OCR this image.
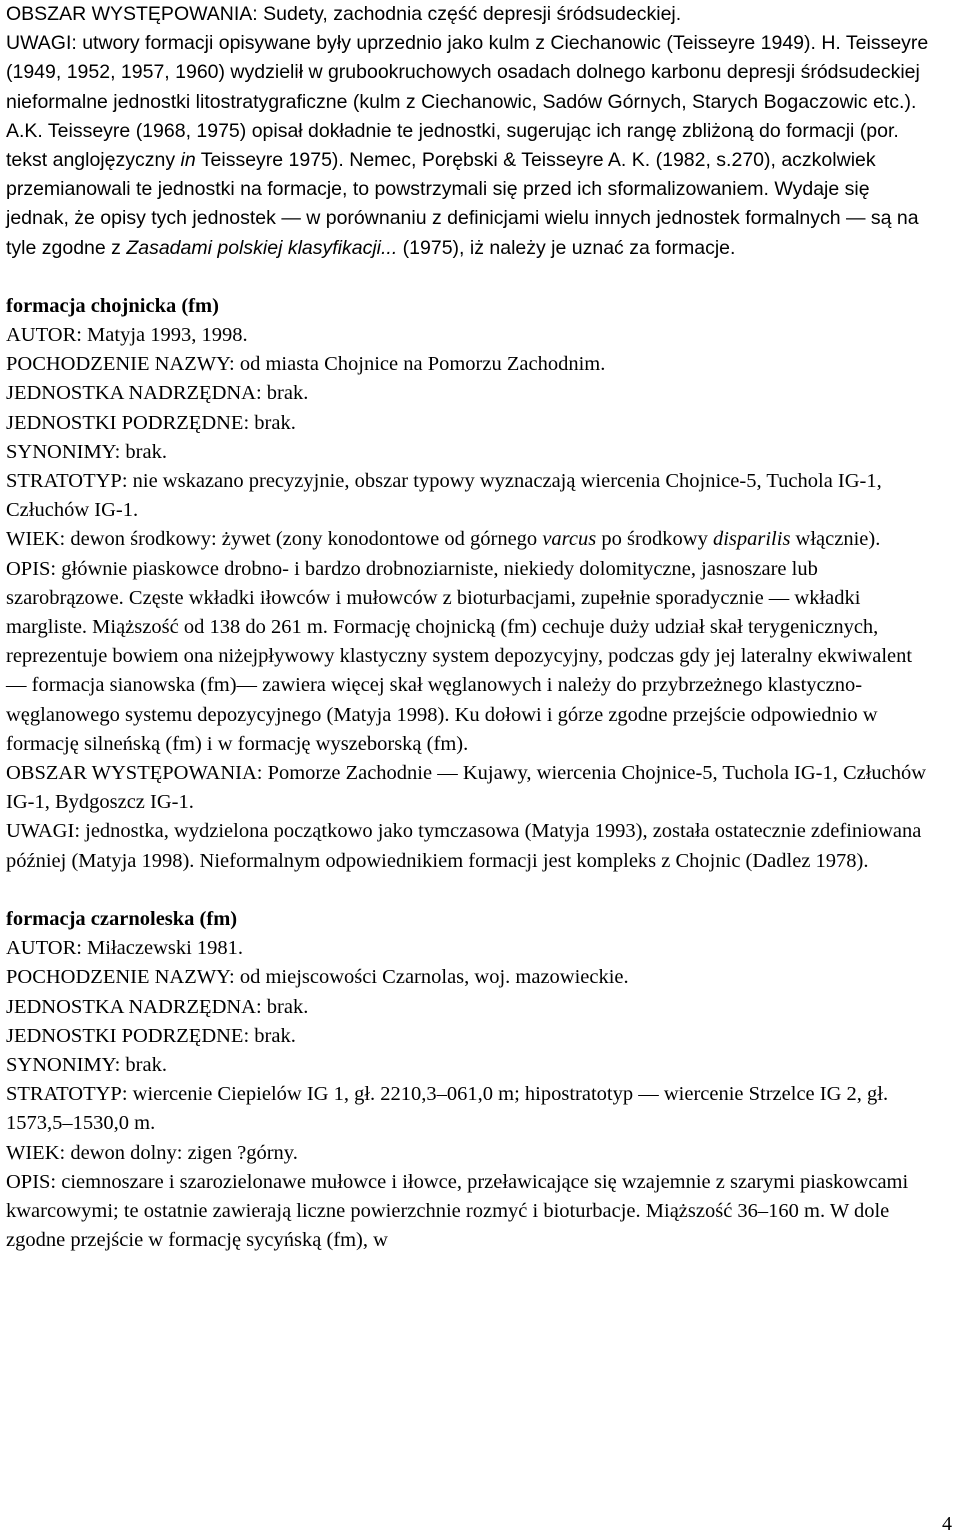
OBSZAR WYSTĘPOWANIA: Sudety, zachodnia część depresji śródsudeckiej.

UWAGI: utwory formacji opisywane były uprzednio jako kulm z Ciechanowic (Teisseyre 1949). H. Teisseyre (1949, 1952, 1957, 1960) wydzielił w grubookruchowych osadach dolnego karbonu depresji śródsudeckiej nieformalne jednostki litostratygraficzne (kulm z Ciechanowic, Sadów Górnych, Starych Bogaczowic etc.). A.K. Teisseyre (1968, 1975) opisał dokładnie te jednostki, sugerując ich rangę zbliżoną do formacji (por. tekst anglojęzyczny in Teisseyre 1975). Nemec, Porębski & Teisseyre A. K. (1982, s.270), aczkolwiek przemianowali te jednostki na formacje, to powstrzymali się przed ich sformalizowaniem. Wydaje się jednak, że opisy tych jednostek — w porównaniu z definicjami wielu innych jednostek formalnych — są na tyle zgodne z Zasadami polskiej klasyfikacji... (1975), iż należy je uznać za formacje.

formacja chojnicka (fm)

AUTOR: Matyja 1993, 1998.

POCHODZENIE NAZWY: od miasta Chojnice na Pomorzu Zachodnim.

JEDNOSTKA NADRZĘDNA: brak.

JEDNOSTKI PODRZĘDNE: brak.

SYNONIMY: brak.

STRATOTYP: nie wskazano precyzyjnie, obszar typowy wyznaczają wiercenia Chojnice-5, Tuchola IG-1, Człuchów IG-1.

WIEK: dewon środkowy: żywet (zony konodontowe od górnego varcus po środkowy disparilis włącznie).

OPIS: głównie piaskowce drobno- i bardzo drobnoziarniste, niekiedy dolomityczne, jasnoszare lub szarobrązowe. Częste wkładki iłowców i mułowców z bioturbacjami, zupełnie sporadycznie — wkładki margliste. Miąższość od 138 do 261 m. Formację chojnicką (fm) cechuje duży udział skał terygenicznych, reprezentuje bowiem ona niżejpływowy klastyczny system depozycyjny, podczas gdy jej lateralny ekwiwalent — formacja sianowska (fm)— zawiera więcej skał węglanowych i należy do przybrzeżnego klastyczno-węglanowego systemu depozycyjnego (Matyja 1998). Ku dołowi i górze zgodne przejście odpowiednio w formację silneńską (fm) i w formację wyszeborską (fm).

OBSZAR WYSTĘPOWANIA: Pomorze Zachodnie — Kujawy, wiercenia Chojnice-5, Tuchola IG-1, Człuchów IG-1, Bydgoszcz IG-1.

UWAGI: jednostka, wydzielona początkowo jako tymczasowa (Matyja 1993), została ostatecznie zdefiniowana później (Matyja 1998). Nieformalnym odpowiednikiem formacji jest kompleks z Chojnic (Dadlez 1978).

formacja czarnoleska (fm)

AUTOR: Miłaczewski 1981.

POCHODZENIE NAZWY: od miejscowości Czarnolas, woj. mazowieckie.

JEDNOSTKA NADRZĘDNA: brak.

JEDNOSTKI PODRZĘDNE: brak.

SYNONIMY: brak.

STRATOTYP: wiercenie Ciepielów IG 1, gł. 2210,3–061,0 m; hipostratotyp — wiercenie Strzelce IG 2, gł. 1573,5–1530,0 m.

WIEK: dewon dolny: zigen ?górny.

OPIS: ciemnoszare i szarozielonawe mułowce i iłowce, przeławicające się wzajemnie z szarymi piaskowcami kwarcowymi; te ostatnie zawierają liczne powierzchnie rozmyć i bioturbacje. Miąższość 36–160 m. W dole zgodne przejście w formację sycyńską (fm), w

4
